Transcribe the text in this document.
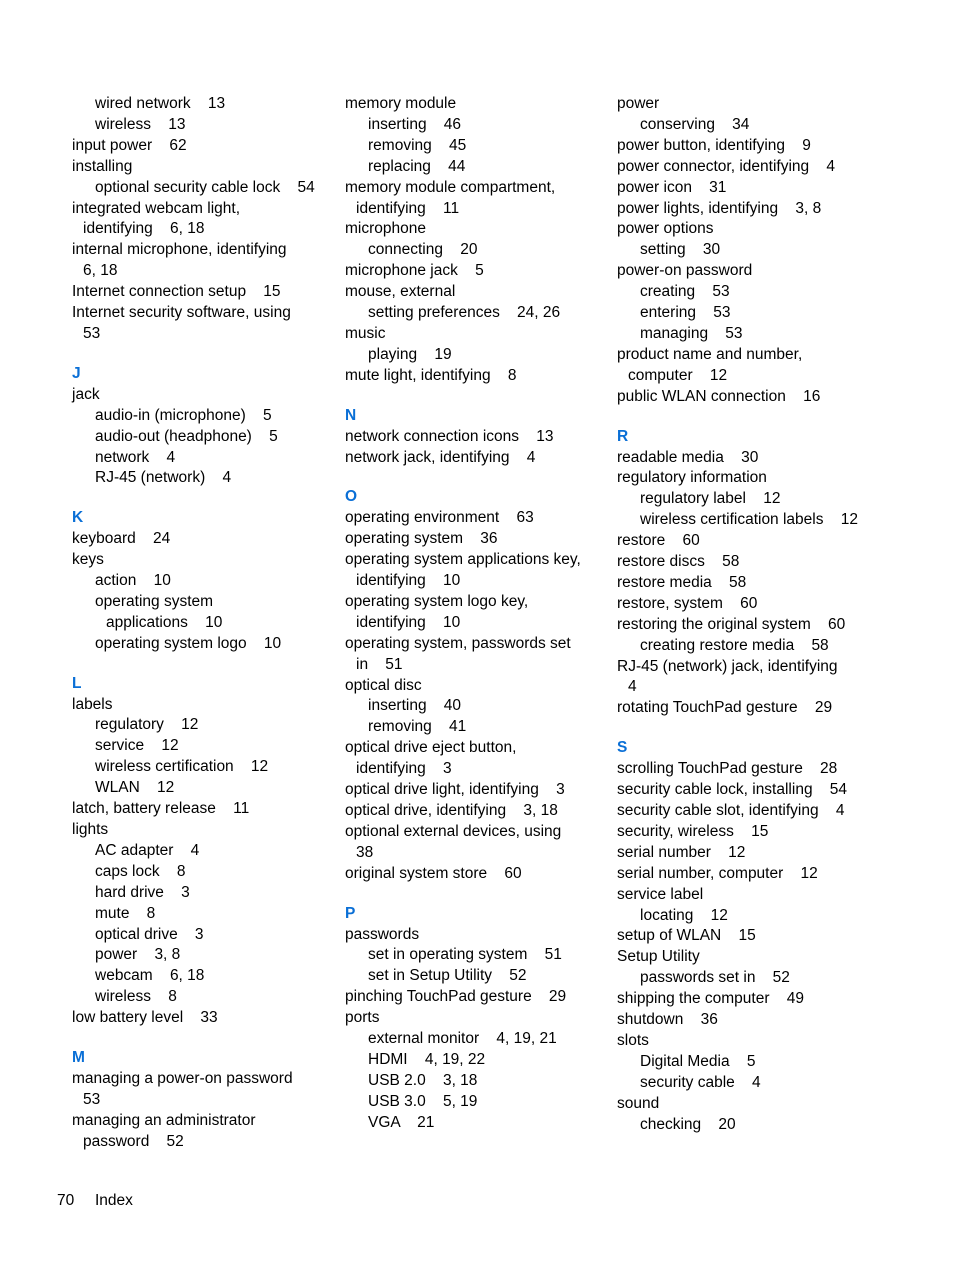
wired network    13
wireless    13
input power    62
installing
optional security cable lock    54
integrated webcam light,
identifying    6, 18
internal microphone, identifying
6, 18
Internet connection setup    15
Internet security software, using
53
J
jack
audio-in (microphone)    5
audio-out (headphone)    5
network    4
RJ-45 (network)    4
K
keyboard    24
keys
action    10
operating system
applications    10
operating system logo    10
L
labels
regulatory    12
service    12
wireless certification    12
WLAN    12
latch, battery release    11
lights
AC adapter    4
caps lock    8
hard drive    3
mute    8
optical drive    3
power    3, 8
webcam    6, 18
wireless    8
low battery level    33
M
managing a power-on password
53
managing an administrator
password    52
memory module
inserting    46
removing    45
replacing    44
memory module compartment,
identifying    11
microphone
connecting    20
microphone jack    5
mouse, external
setting preferences    24, 26
music
playing    19
mute light, identifying    8
N
network connection icons    13
network jack, identifying    4
O
operating environment    63
operating system    36
operating system applications key,
identifying    10
operating system logo key,
identifying    10
operating system, passwords set
in    51
optical disc
inserting    40
removing    41
optical drive eject button,
identifying    3
optical drive light, identifying    3
optical drive, identifying    3, 18
optional external devices, using
38
original system store    60
P
passwords
set in operating system    51
set in Setup Utility    52
pinching TouchPad gesture    29
ports
external monitor    4, 19, 21
HDMI    4, 19, 22
USB 2.0    3, 18
USB 3.0    5, 19
VGA    21
power
conserving    34
power button, identifying    9
power connector, identifying    4
power icon    31
power lights, identifying    3, 8
power options
setting    30
power-on password
creating    53
entering    53
managing    53
product name and number,
computer    12
public WLAN connection    16
R
readable media    30
regulatory information
regulatory label    12
wireless certification labels    12
restore    60
restore discs    58
restore media    58
restore, system    60
restoring the original system    60
creating restore media    58
RJ-45 (network) jack, identifying
4
rotating TouchPad gesture    29
S
scrolling TouchPad gesture    28
security cable lock, installing    54
security cable slot, identifying    4
security, wireless    15
serial number    12
serial number, computer    12
service label
locating    12
setup of WLAN    15
Setup Utility
passwords set in    52
shipping the computer    49
shutdown    36
slots
Digital Media    5
security cable    4
sound
checking    20
70 Index
